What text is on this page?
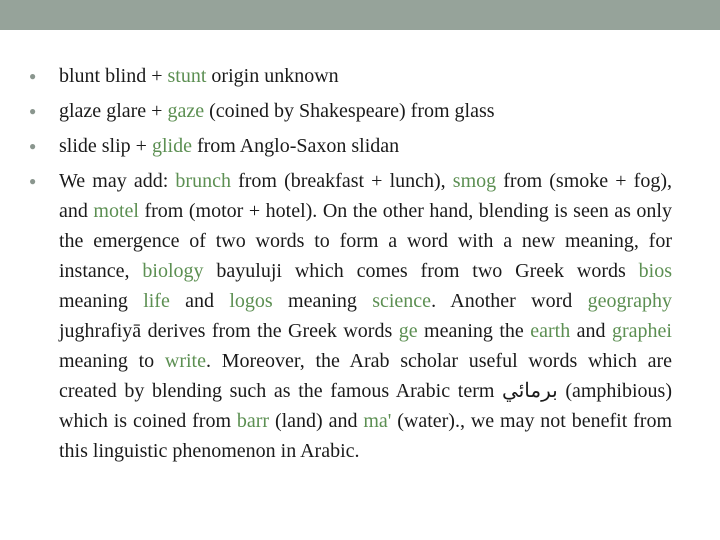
● blunt blind + stunt origin unknown
● glaze glare + gaze (coined by Shakespeare) from glass
● slide slip + glide from Anglo-Saxon slidan
● We may add: brunch from (breakfast + lunch), smog from (smoke + fog), and motel from (motor + hotel). On the other hand, blending is seen as only the emergence of two words to form a word with a new meaning, for instance, biology bayuluji which comes from two Greek words bios meaning life and logos meaning science. Another word geography jughrafiyā derives from the Greek words ge meaning the earth and graphei meaning to write. Moreover, the Arab scholar useful words which are created by blending such as the famous Arabic term برمائي (amphibious) which is coined from barr (land) and ma' (water)., we may not benefit from this linguistic phenomenon in Arabic.
